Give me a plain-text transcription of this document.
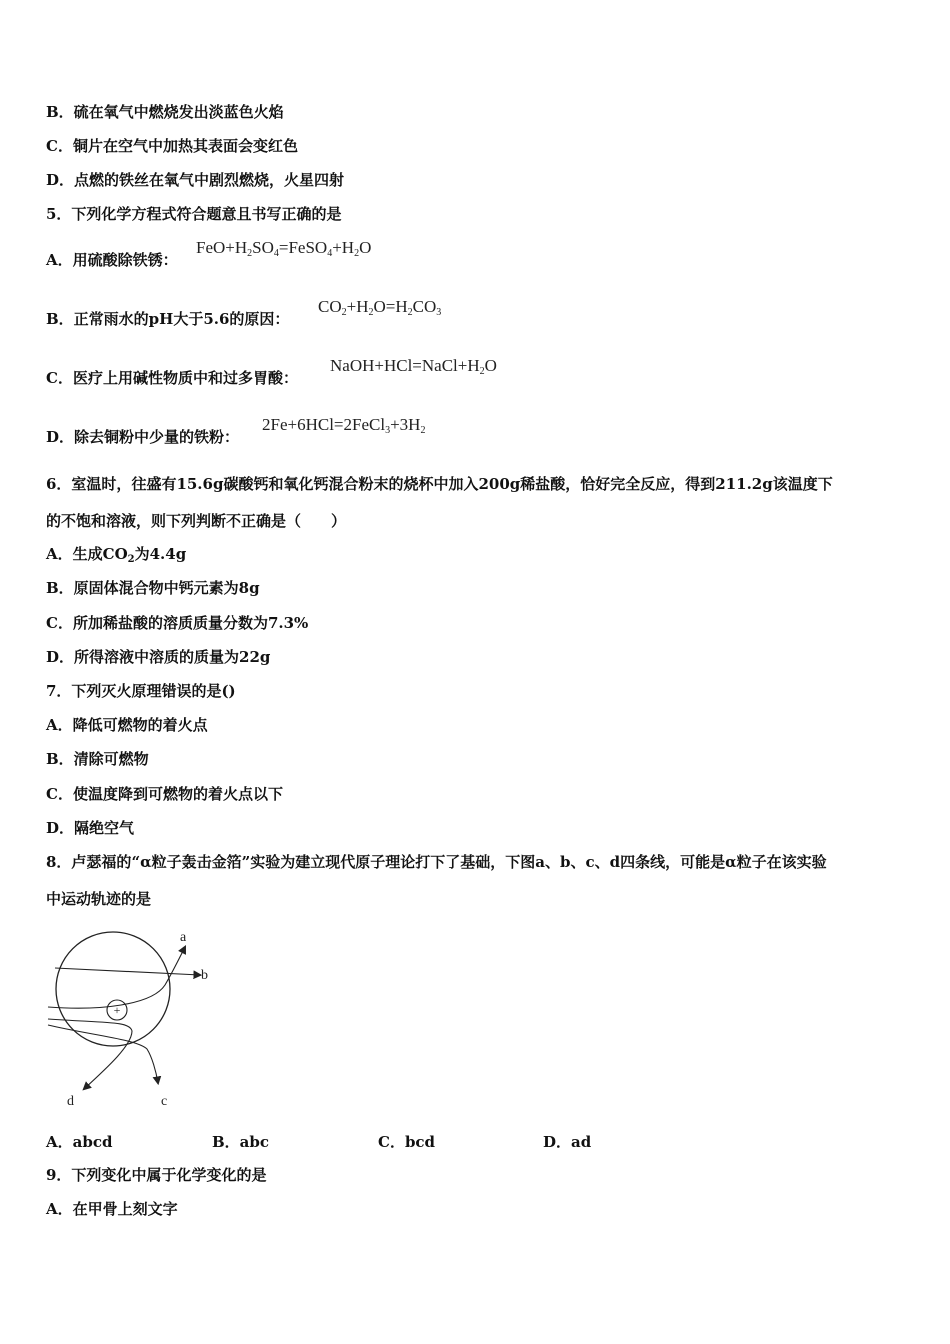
B．硫在氧气中燃烧发出淡蓝色火焰
C．铜片在空气中加热其表面会变红色
D．点燃的铁丝在氧气中剧烈燃烧，火星四射
5．下列化学方程式符合题意且书写正确的是
A．用硫酸除铁锈：
$FeO+H_2SO_4=FeSO_4+H_2O$
B．正常雨水的pH大于5.6的原因：
$CO_2+H_2O=H_2CO_3$
C．医疗上用碱性物质中和过多胃酸：
$NaOH+HCl=NaCl+H_2O$
D．除去铜粉中少量的铁粉：
$2Fe+6HCl=2FeCl_3+3H_2$
6．室温时，往盛有15.6g碳酸钙和氧化钙混合粉末的烧杯中加入200g稀盐酸，恰好完全反应，得到211.2g该温度下
的不饱和溶液，则下列判断不正确是（　　）
A．生成$CO_2$为4.4g
B．原固体混合物中钙元素为8g
C．所加稀盐酸的溶质质量分数为7.3%
D．所得溶液中溶质的质量为22g
7．下列灭火原理错误的是()
A．降低可燃物的着火点
B．清除可燃物
C．使温度降到可燃物的着火点以下
D．隔绝空气
8．卢瑟福的“α粒子轰击金箔”实验为建立现代原子理论打下了基础，下图a、b、c、d四条线，可能是α粒子在该实验
中运动轨迹的是
+
a
b
c
d
A．abcd	B．abc	C．bcd	D．ad
9．下列变化中属于化学变化的是
A．在甲骨上刻文字
